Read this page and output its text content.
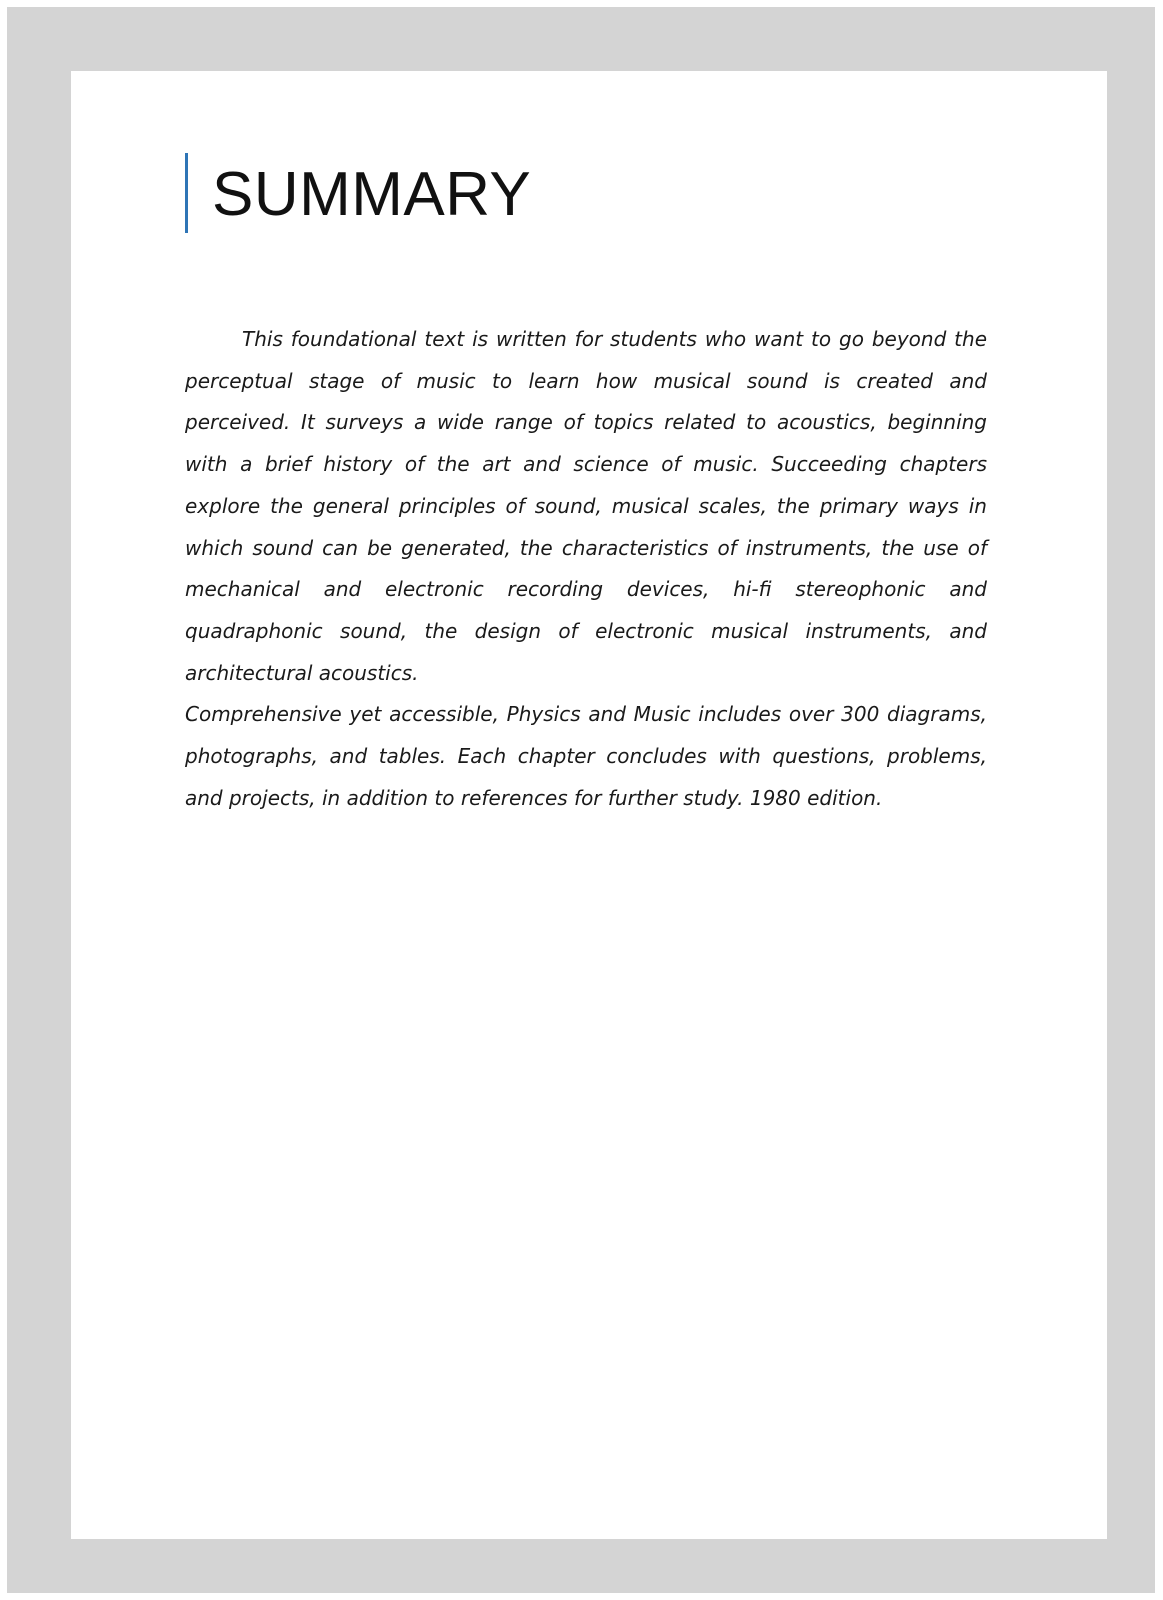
SUMMARY

This foundational text is written for students who want to go beyond the perceptual stage of music to learn how musical sound is created and perceived. It surveys a wide range of topics related to acoustics, beginning with a brief history of the art and science of music. Succeeding chapters explore the general principles of sound, musical scales, the primary ways in which sound can be generated, the characteristics of instruments, the use of mechanical and electronic recording devices, hi-fi stereophonic and quadraphonic sound, the design of electronic musical instruments, and architectural acoustics.

Comprehensive yet accessible, Physics and Music includes over 300 diagrams, photographs, and tables. Each chapter concludes with questions, problems, and projects, in addition to references for further study. 1980 edition.
